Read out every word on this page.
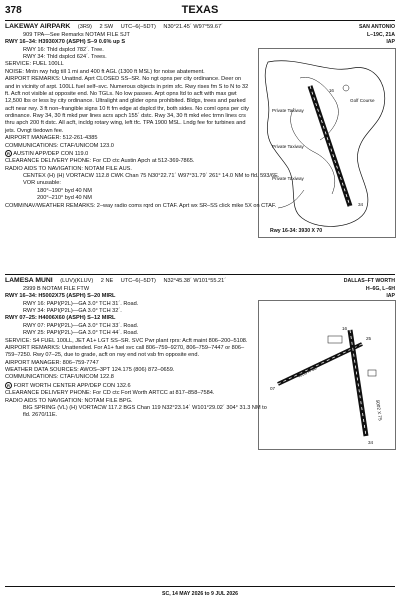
378	TEXAS
LAKEWAY AIRPARK (3R9) 2 SW UTC–6(–5DT) N30°21.45´ W97°59.67´	SAN ANTONIO
909 TPA—See Remarks NOTAM FILE SJT	L–19C, 21A
RWY 16–34: H3930X70 (ASPH) S–9 0.6% up S	IAP
RWY 16: Thld dsplcd 782´. Tree.
RWY 34: Thld dsplcd 624´. Trees.
SERVICE: FUEL 100LL
NOISE: Mntn rwy hdg till 1 mi and 400 ft AGL (1300 ft MSL) for noise abatement.
AIRPORT REMARKS: Unattnd. Aprt CLOSED SS–SR. No ngt opns per city ordinance. Deer on and in vicinity of arpt. 100LL fuel self–svc. Numerous objects in prim sfc. Rwy rises fm S to N to 32 ft. Acft not visible at opposite end. No TGLs. No low passes. Arpt opns ltd to acft with max gwt 12,500 lbs or less by city ordinance. Ultralight and glider opns prohibited. Bldgs, trees and parked acft near rwy. 3 ft non–frangible signs 10 ft fm edge at dsplcd thr, both sides. No coml opns per city ordinance. Rwy 34, 30 ft mkd pwr lines acrs apch 155´ dstc. Rwy 34, 30 ft mkd elec trmn lines crs thru apch 200 ft dstc. All acft, incldg rotary wing, left tfc. TPA 1900 MSL. Lndg fee for turbines and jets. Ovngt tiedown fee.
AIRPORT MANAGER: 512-261-4385
COMMUNICATIONS: CTAF/UNICOM 123.0
R AUSTIN APP/DEP CON 119.0
CLEARANCE DELIVERY PHONE: For CD ctc Austin Apch at 512-369-7865.
RADIO AIDS TO NAVIGATION: NOTAM FILE AUS.
CENTEX (H) (H) VORTACW 112.8 CWK Chan 75 N30°22.71´ W97°31.79´ 261° 14.0 NM to fld. 593/6E.
VOR unusable:
180°–190° byd 40 NM
200°–210° byd 40 NM
COMM/NAV/WEATHER REMARKS: 2–way radio coms rqrd on CTAF. Aprt wx SR–SS click mike 5X on CTAF.
16
34
Golf Course
Private Taxiway
Private Taxiway
Private Taxiway
Rwy 16-34: 3930 X 70
LAMESA MUNI (LUV)(KLUV) 2 NE UTC–6(–5DT) N32°45.38´ W101°55.21´	DALLAS–FT WORTH
2999 B NOTAM FILE FTW	H–6G, L–6H
RWY 16–34: H5002X75 (ASPH) S–20 MIRL	IAP
RWY 16: PAPI(P2L)—GA 3.0° TCH 31´. Road.
RWY 34: PAPI(P2L)—GA 3.0° TCH 32´.
RWY 07–25: H4006X60 (ASPH) S–12 MIRL
RWY 07: PAPI(P2L)—GA 3.0° TCH 33´. Road.
RWY 25: PAPI(P2L)—GA 3.0° TCH 44´. Road.
SERVICE: S4 FUEL 100LL, JET A1+ LGT SS–SR. SVC Pwr plant rprs: Acft maint 806–200–5108.
AIRPORT REMARKS: Unattended. For A1+ fuel svc call 806–759–9270, 806–759–7447 or 806–759–7250. Rwy 07–25, due to grade, acft on rwy end not vsb fm opposite end.
AIRPORT MANAGER: 806–759-7747
WEATHER DATA SOURCES: AWOS–3PT 124.175 (806) 872–0659.
COMMUNICATIONS: CTAF/UNICOM 122.8
R FORT WORTH CENTER APP/DEP CON 132.6
CLEARANCE DELIVERY PHONE: For CD ctc Fort Worth ARTCC at 817–858–7584.
RADIO AIDS TO NAVIGATION: NOTAM FILE BPG.
BIG SPRING (VL) (H) VORTACW 117.2 BGS Chan 119 N32°23.14´ W101°29.02´ 304° 31.3 NM to fld. 2670/11E.
16
34
07
25
4006 X 60
5002 X 75
SC, 14 MAY 2026 to 9 JUL 2026
